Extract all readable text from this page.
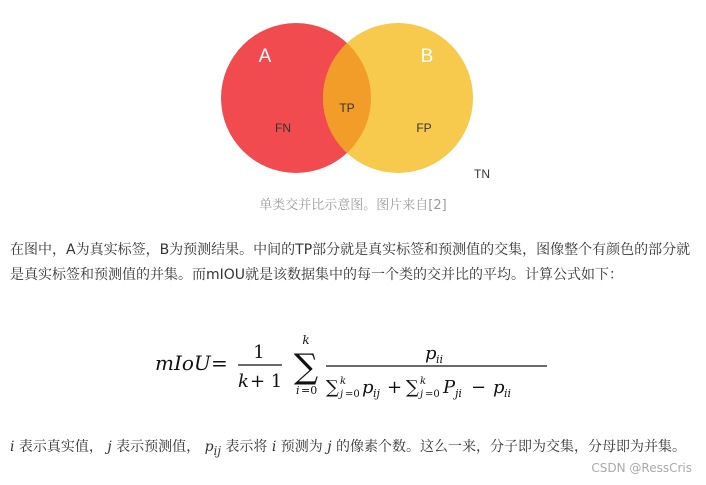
A	B
FN
TP
FP
TN
单类交并比示意图。图片来自[2]
在图中，A为真实标签，B为预测结果。中间的TP部分就是真实标签和预测值的交集，图像整个有颜色的部分就是真实标签和预测值的并集。而mIOU就是该数据集中的每一个类的交并比的平均。计算公式如下：
mIoU = 1
k + 1
k
∑
i =0
p ii
∑ k
j =0 p ij + ∑ k
j =0 P ji − p ii
i 表示真实值， j 表示预测值， $p_{ij}$ 表示将 i 预测为 j 的像素个数。这么一来，分子即为交集，分母即为并集。
CSDN @RessCris
